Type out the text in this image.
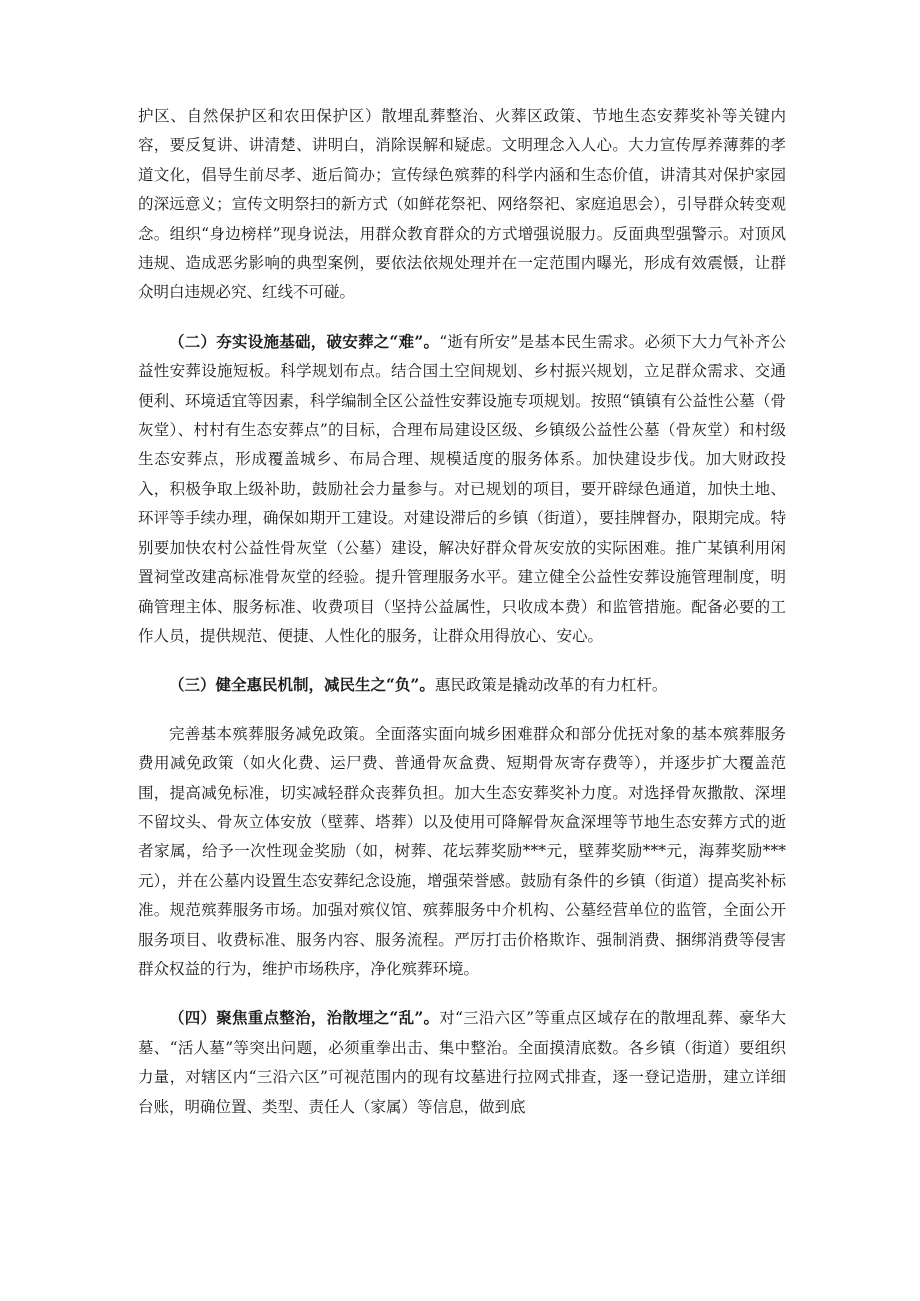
护区、自然保护区和农田保护区）散埋乱葬整治、火葬区政策、节地生态安葬奖补等关键内容，要反复讲、讲清楚、讲明白，消除误解和疑虑。文明理念入人心。大力宣传厚养薄葬的孝道文化，倡导生前尽孝、逝后简办；宣传绿色殡葬的科学内涵和生态价值，讲清其对保护家园的深远意义；宣传文明祭扫的新方式（如鲜花祭祀、网络祭祀、家庭追思会），引导群众转变观念。组织“身边榜样”现身说法，用群众教育群众的方式增强说服力。反面典型强警示。对顶风违规、造成恶劣影响的典型案例，要依法依规处理并在一定范围内曝光，形成有效震慑，让群众明白违规必究、红线不可碰。

（二）夯实设施基础，破安葬之“难”。“逝有所安”是基本民生需求。必须下大力气补齐公益性安葬设施短板。科学规划布点。结合国土空间规划、乡村振兴规划，立足群众需求、交通便利、环境适宜等因素，科学编制全区公益性安葬设施专项规划。按照“镇镇有公益性公墓（骨灰堂）、村村有生态安葬点”的目标，合理布局建设区级、乡镇级公益性公墓（骨灰堂）和村级生态安葬点，形成覆盖城乡、布局合理、规模适度的服务体系。加快建设步伐。加大财政投入，积极争取上级补助，鼓励社会力量参与。对已规划的项目，要开辟绿色通道，加快土地、环评等手续办理，确保如期开工建设。对建设滞后的乡镇（街道），要挂牌督办，限期完成。特别要加快农村公益性骨灰堂（公墓）建设，解决好群众骨灰安放的实际困难。推广某镇利用闲置祠堂改建高标准骨灰堂的经验。提升管理服务水平。建立健全公益性安葬设施管理制度，明确管理主体、服务标准、收费项目（坚持公益属性，只收成本费）和监管措施。配备必要的工作人员，提供规范、便捷、人性化的服务，让群众用得放心、安心。

（三）健全惠民机制，减民生之“负”。惠民政策是撬动改革的有力杠杆。

完善基本殡葬服务减免政策。全面落实面向城乡困难群众和部分优抚对象的基本殡葬服务费用减免政策（如火化费、运尸费、普通骨灰盒费、短期骨灰寄存费等），并逐步扩大覆盖范围，提高减免标准，切实减轻群众丧葬负担。加大生态安葬奖补力度。对选择骨灰撒散、深埋不留坟头、骨灰立体安放（壁葬、塔葬）以及使用可降解骨灰盒深埋等节地生态安葬方式的逝者家属，给予一次性现金奖励（如，树葬、花坛葬奖励***元，壁葬奖励***元，海葬奖励***元），并在公墓内设置生态安葬纪念设施，增强荣誉感。鼓励有条件的乡镇（街道）提高奖补标准。规范殡葬服务市场。加强对殡仪馆、殡葬服务中介机构、公墓经营单位的监管，全面公开服务项目、收费标准、服务内容、服务流程。严厉打击价格欺诈、强制消费、捆绑消费等侵害群众权益的行为，维护市场秩序，净化殡葬环境。

（四）聚焦重点整治，治散埋之“乱”。对“三沿六区”等重点区域存在的散埋乱葬、豪华大墓、“活人墓”等突出问题，必须重拳出击、集中整治。全面摸清底数。各乡镇（街道）要组织力量，对辖区内“三沿六区”可视范围内的现有坟墓进行拉网式排查，逐一登记造册，建立详细台账，明确位置、类型、责任人（家属）等信息，做到底
